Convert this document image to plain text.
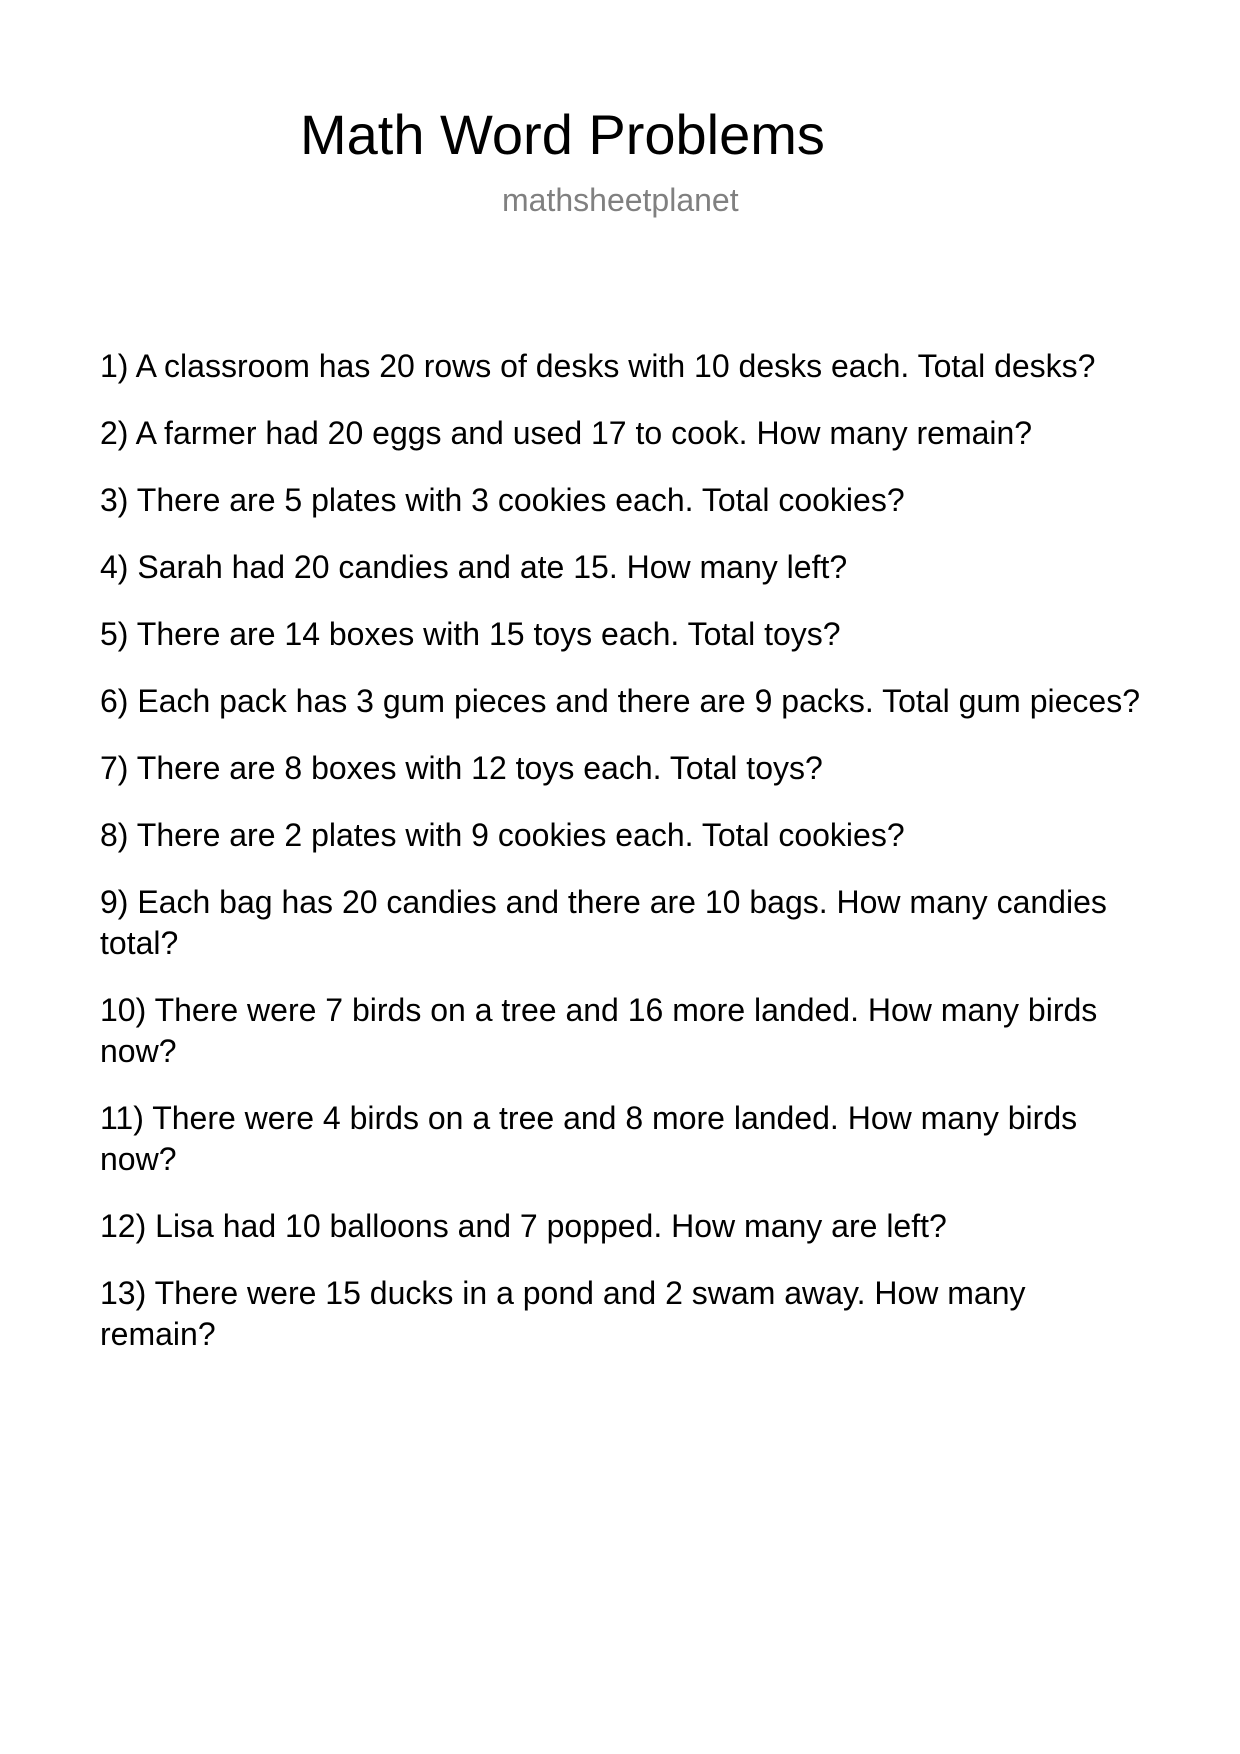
Math Word Problems
mathsheetplanet

1) A classroom has 20 rows of desks with 10 desks each. Total desks?

2) A farmer had 20 eggs and used 17 to cook. How many remain?

3) There are 5 plates with 3 cookies each. Total cookies?

4) Sarah had 20 candies and ate 15. How many left?

5) There are 14 boxes with 15 toys each. Total toys?

6) Each pack has 3 gum pieces and there are 9 packs. Total gum pieces?

7) There are 8 boxes with 12 toys each. Total toys?

8) There are 2 plates with 9 cookies each. Total cookies?

9) Each bag has 20 candies and there are 10 bags. How many candies total?

10) There were 7 birds on a tree and 16 more landed. How many birds now?

11) There were 4 birds on a tree and 8 more landed. How many birds now?

12) Lisa had 10 balloons and 7 popped. How many are left?

13) There were 15 ducks in a pond and 2 swam away. How many remain?
